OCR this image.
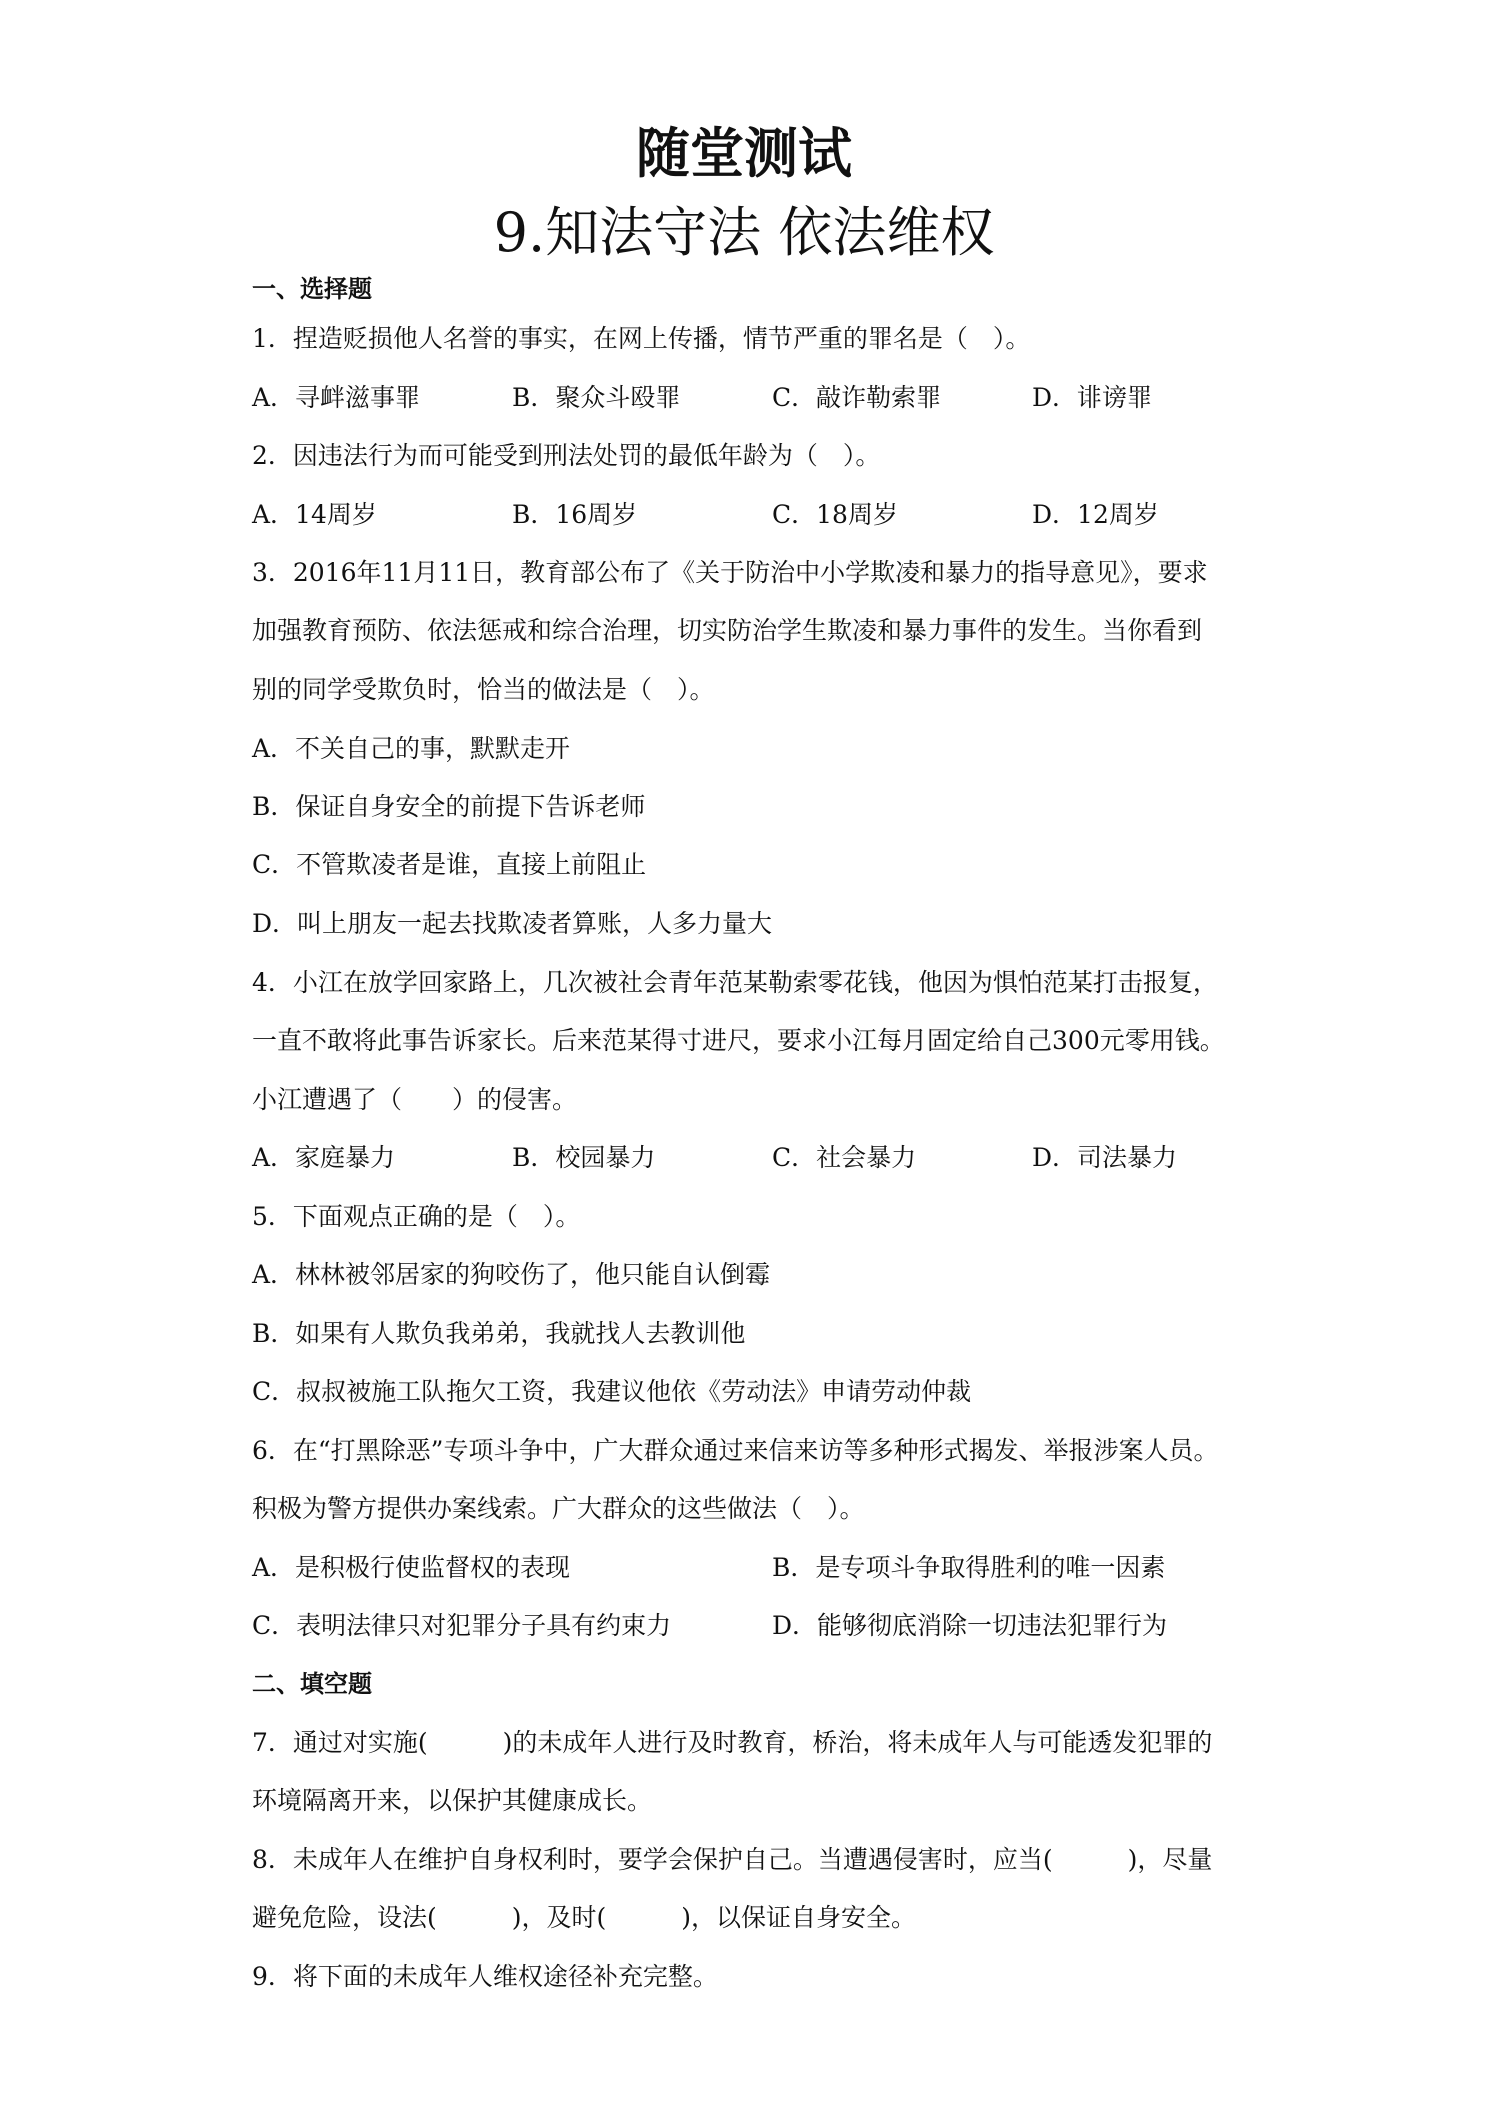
随堂测试
9.知法守法 依法维权
一、选择题
1．捏造贬损他人名誉的事实，在网上传播，情节严重的罪名是（　）。
A．寻衅滋事罪	B．聚众斗殴罪	C．敲诈勒索罪	D．诽谤罪
2．因违法行为而可能受到刑法处罚的最低年龄为（　）。
A．14周岁	B．16周岁	C．18周岁	D．12周岁
3．2016年11月11日，教育部公布了《关于防治中小学欺凌和暴力的指导意见》，要求
加强教育预防、依法惩戒和综合治理，切实防治学生欺凌和暴力事件的发生。当你看到
别的同学受欺负时，恰当的做法是（　）。
A．不关自己的事，默默走开
B．保证自身安全的前提下告诉老师
C．不管欺凌者是谁，直接上前阻止
D．叫上朋友一起去找欺凌者算账，人多力量大
4．小江在放学回家路上，几次被社会青年范某勒索零花钱，他因为惧怕范某打击报复，
一直不敢将此事告诉家长。后来范某得寸进尺，要求小江每月固定给自己300元零用钱。
小江遭遇了（　　）的侵害。
A．家庭暴力	B．校园暴力	C．社会暴力	D．司法暴力
5．下面观点正确的是（　）。
A．林林被邻居家的狗咬伤了，他只能自认倒霉
B．如果有人欺负我弟弟，我就找人去教训他
C．叔叔被施工队拖欠工资，我建议他依《劳动法》申请劳动仲裁
6．在“打黑除恶”专项斗争中，广大群众通过来信来访等多种形式揭发、举报涉案人员。
积极为警方提供办案线索。广大群众的这些做法（　）。
A．是积极行使监督权的表现	B．是专项斗争取得胜利的唯一因素
C．表明法律只对犯罪分子具有约束力	D．能够彻底消除一切违法犯罪行为
二、填空题
7．通过对实施(　　　)的未成年人进行及时教育，桥治，将未成年人与可能透发犯罪的
环境隔离开来，以保护其健康成长。
8．未成年人在维护自身权利时，要学会保护自己。当遭遇侵害时，应当(　　　)，尽量
避免危险，设法(　　　)，及时(　　　)，以保证自身安全。
9．将下面的未成年人维权途径补充完整。
